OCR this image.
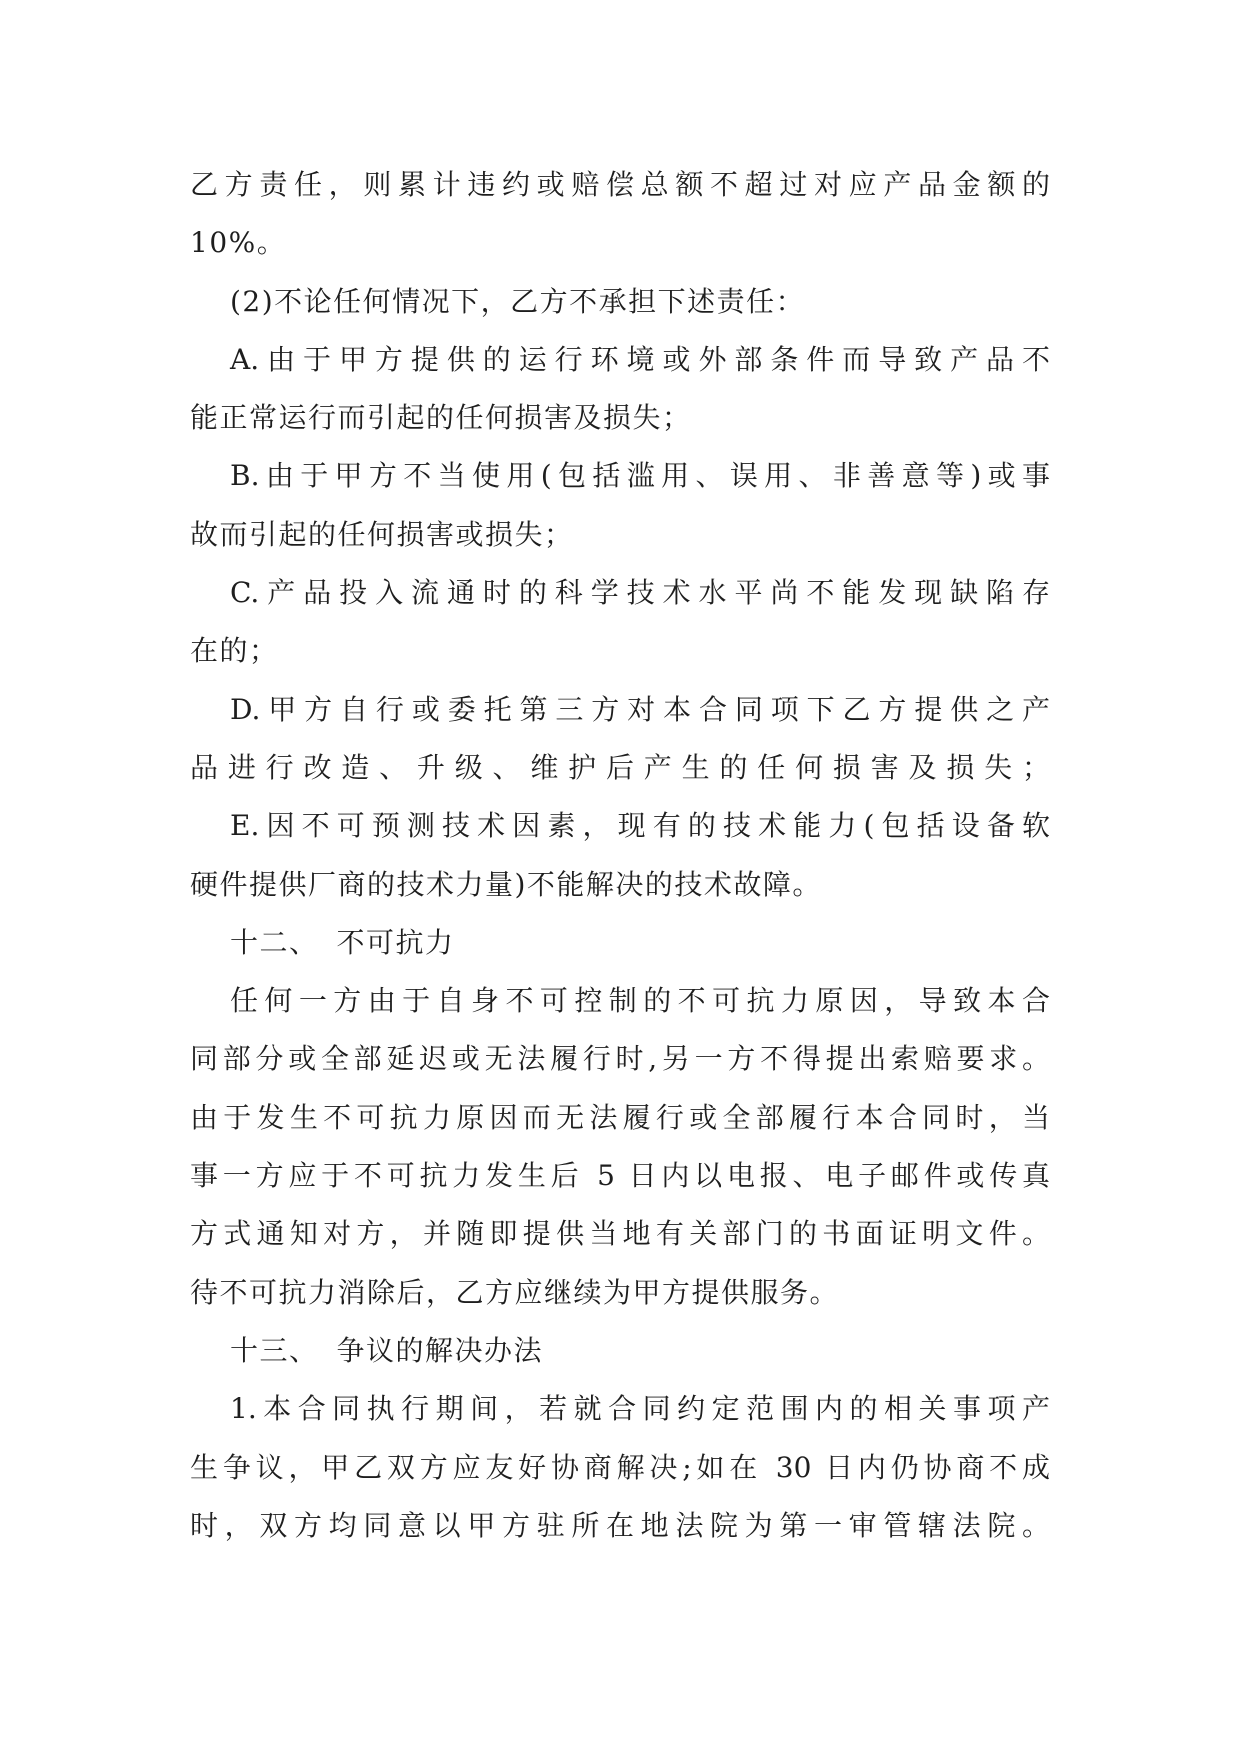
乙方责任，则累计违约或赔偿总额不超过对应产品金额的
10%。
(2)不论任何情况下，乙方不承担下述责任：
A.由于甲方提供的运行环境或外部条件而导致产品不
能正常运行而引起的任何损害及损失；
B.由于甲方不当使用(包括滥用、误用、非善意等)或事
故而引起的任何损害或损失；
C.产品投入流通时的科学技术水平尚不能发现缺陷存
在的；
D.甲方自行或委托第三方对本合同项下乙方提供之产
品进行改造、升级、维护后产生的任何损害及损失；
E.因不可预测技术因素，现有的技术能力(包括设备软
硬件提供厂商的技术力量)不能解决的技术故障。
十二、 不可抗力
任何一方由于自身不可控制的不可抗力原因，导致本合
同部分或全部延迟或无法履行时,另一方不得提出索赔要求。
由于发生不可抗力原因而无法履行或全部履行本合同时，当
事一方应于不可抗力发生后 5 日内以电报、电子邮件或传真
方式通知对方，并随即提供当地有关部门的书面证明文件。
待不可抗力消除后，乙方应继续为甲方提供服务。
十三、 争议的解决办法
1.本合同执行期间，若就合同约定范围内的相关事项产
生争议，甲乙双方应友好协商解决;如在 30 日内仍协商不成
时，双方均同意以甲方驻所在地法院为第一审管辖法院。
